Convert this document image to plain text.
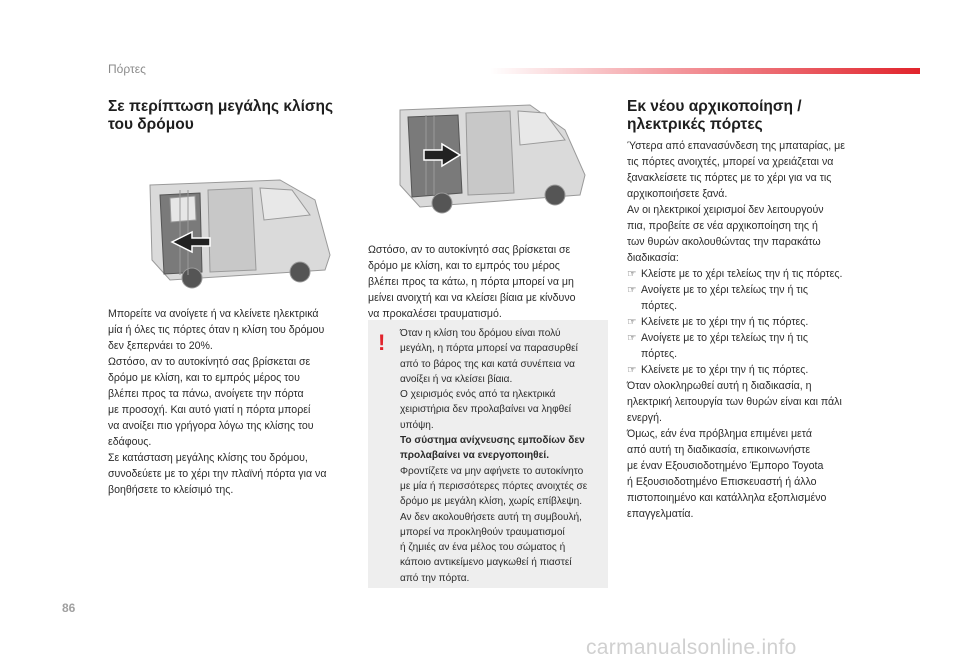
Πόρτες
Σε περίπτωση μεγάλης κλίσης
του δρόμου

Μπορείτε να ανοίγετε ή να κλείνετε ηλεκτρικά

μία ή όλες τις πόρτες όταν η κλίση του δρόμου

δεν ξεπερνάει το 20%.

Ωστόσο, αν το αυτοκίνητό σας βρίσκεται σε

δρόμο με κλίση, και το εμπρός μέρος του

βλέπει προς τα πάνω, ανοίγετε την πόρτα

με προσοχή. Και αυτό γιατί η πόρτα μπορεί

να ανοίξει πιο γρήγορα λόγω της κλίσης του

εδάφους.

Σε κατάσταση μεγάλης κλίσης του δρόμου,

συνοδεύετε με το χέρι την πλαϊνή πόρτα για να

βοηθήσετε το κλείσιμό της.

Ωστόσο, αν το αυτοκίνητό σας βρίσκεται σε

δρόμο με κλίση, και το εμπρός του μέρος

βλέπει προς τα κάτω, η πόρτα μπορεί να μη

μείνει ανοιχτή και να κλείσει βίαια με κίνδυνο

να προκαλέσει τραυματισμό.

! Όταν η κλίση του δρόμου είναι πολύ
μεγάλη, η πόρτα μπορεί να παρασυρθεί
από το βάρος της και κατά συνέπεια να
ανοίξει ή να κλείσει βίαια.
Ο χειρισμός ενός από τα ηλεκτρικά
χειριστήρια δεν προλαβαίνει να ληφθεί
υπόψη.
Το σύστημα ανίχνευσης εμποδίων δεν
προλαβαίνει να ενεργοποιηθεί.
Φροντίζετε να μην αφήνετε το αυτοκίνητο
με μία ή περισσότερες πόρτες ανοιχτές σε
δρόμο με μεγάλη κλίση, χωρίς επίβλεψη.
Αν δεν ακολουθήσετε αυτή τη συμβουλή,
μπορεί να προκληθούν τραυματισμοί
ή ζημιές αν ένα μέλος του σώματος ή
κάποιο αντικείμενο μαγκωθεί ή πιαστεί
από την πόρτα.
Εκ νέου αρχικοποίηση /
ηλεκτρικές πόρτες

Ύστερα από επανασύνδεση της μπαταρίας, με

τις πόρτες ανοιχτές, μπορεί να χρειάζεται να

ξανακλείσετε τις πόρτες με το χέρι για να τις

αρχικοποιήσετε ξανά.

Αν οι ηλεκτρικοί χειρισμοί δεν λειτουργούν

πια, προβείτε σε νέα αρχικοποίηση της ή

των θυρών ακολουθώντας την παρακάτω

διαδικασία:

☞ Κλείστε με το χέρι τελείως την ή τις πόρτες.
☞ Ανοίγετε με το χέρι τελείως την ή τις
πόρτες.
☞ Κλείνετε με το χέρι την ή τις πόρτες.
☞ Ανοίγετε με το χέρι τελείως την ή τις
πόρτες.
☞ Κλείνετε με το χέρι την ή τις πόρτες.

Όταν ολοκληρωθεί αυτή η διαδικασία, η

ηλεκτρική λειτουργία των θυρών είναι και πάλι

ενεργή.

Όμως, εάν ένα πρόβλημα επιμένει μετά

από αυτή τη διαδικασία, επικοινωνήστε

με έναν Εξουσιοδοτημένο Έμπορο Toyota

ή Εξουσιοδοτημένο Επισκευαστή ή άλλο

πιστοποιημένο και κατάλληλα εξοπλισμένο

επαγγελματία.

86
carmanualsonline.info
